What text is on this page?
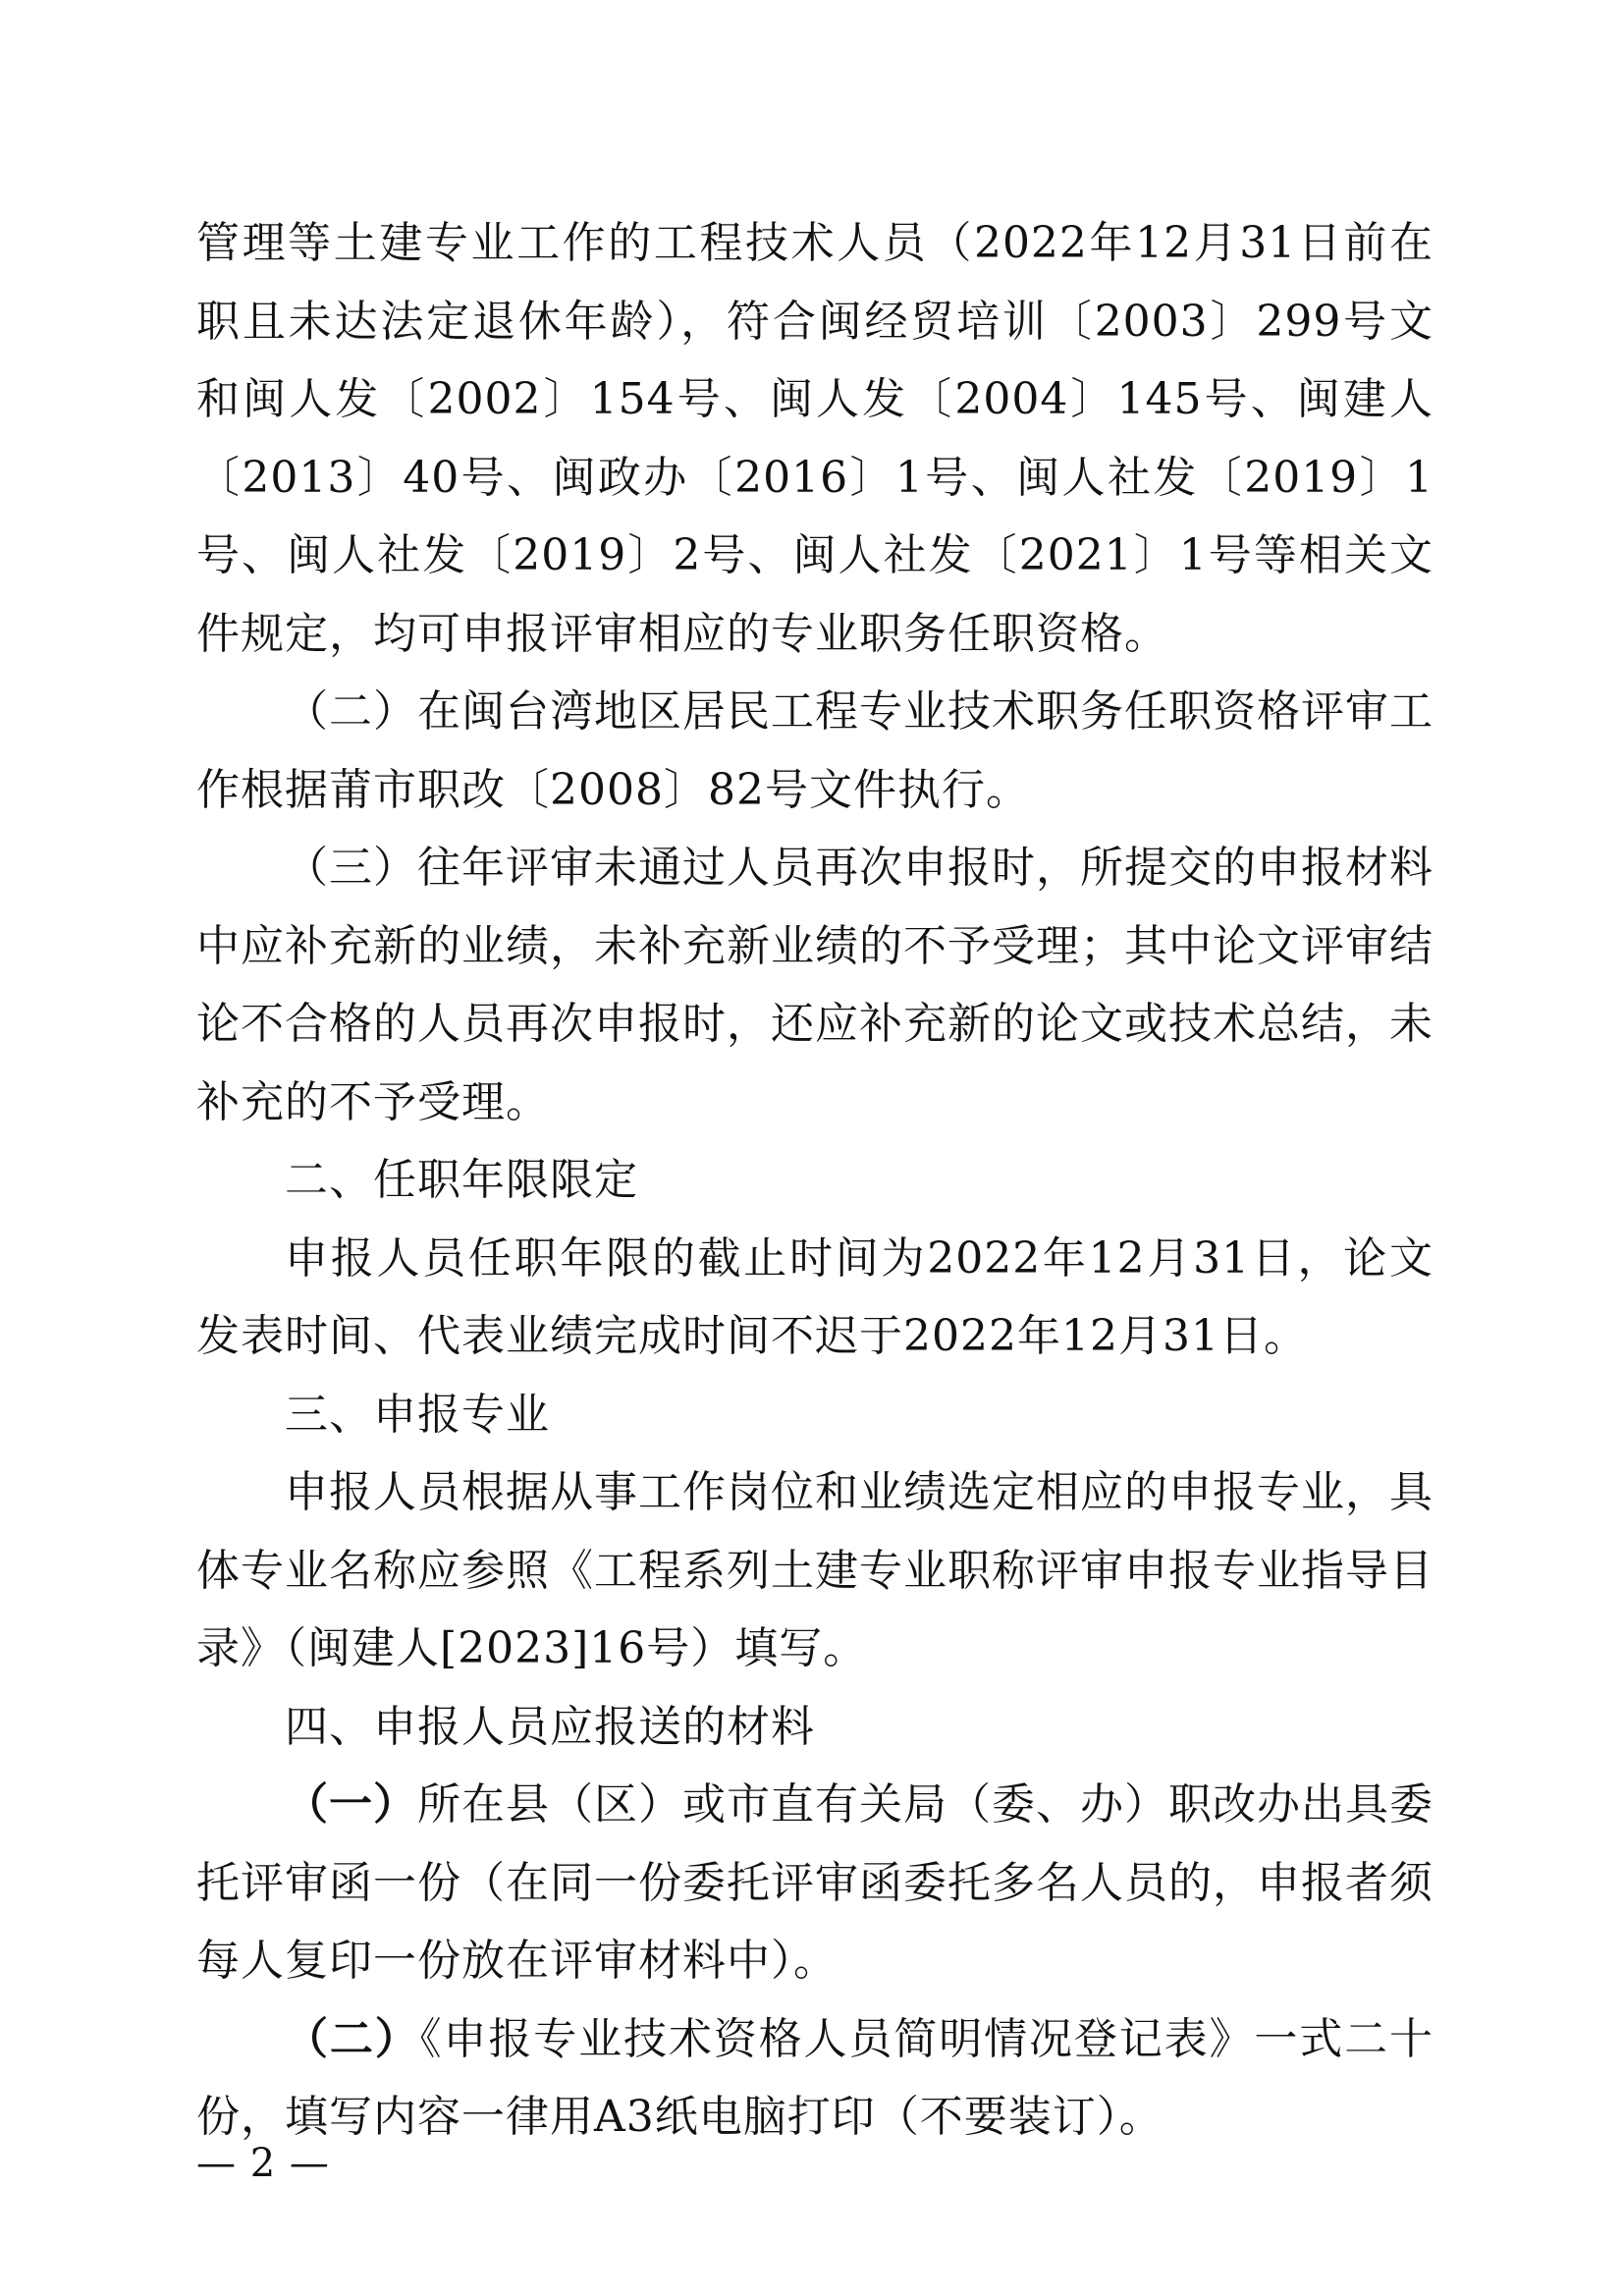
管理等土建专业工作的工程技术人员（2022年12月31日前在职且未达法定退休年龄），符合闽经贸培训〔2003〕299号文和闽人发〔2002〕154号、闽人发〔2004〕145号、闽建人〔2013〕40号、闽政办〔2016〕1号、闽人社发〔2019〕1号、闽人社发〔2019〕2号、闽人社发〔2021〕1号等相关文件规定，均可申报评审相应的专业职务任职资格。

（二）在闽台湾地区居民工程专业技术职务任职资格评审工作根据莆市职改〔2008〕82号文件执行。

（三）往年评审未通过人员再次申报时，所提交的申报材料中应补充新的业绩，未补充新业绩的不予受理；其中论文评审结论不合格的人员再次申报时，还应补充新的论文或技术总结，未补充的不予受理。

二、任职年限限定

申报人员任职年限的截止时间为2022年12月31日，论文发表时间、代表业绩完成时间不迟于2022年12月31日。

三、申报专业

申报人员根据从事工作岗位和业绩选定相应的申报专业，具体专业名称应参照《工程系列土建专业职称评审申报专业指导目录》（闽建人[2023]16号）填写。

四、申报人员应报送的材料

（一）所在县（区）或市直有关局（委、办）职改办出具委托评审函一份（在同一份委托评审函委托多名人员的，申报者须每人复印一份放在评审材料中）。

（二）《申报专业技术资格人员简明情况登记表》一式二十份，填写内容一律用A3纸电脑打印（不要装订）。

— 2 —
